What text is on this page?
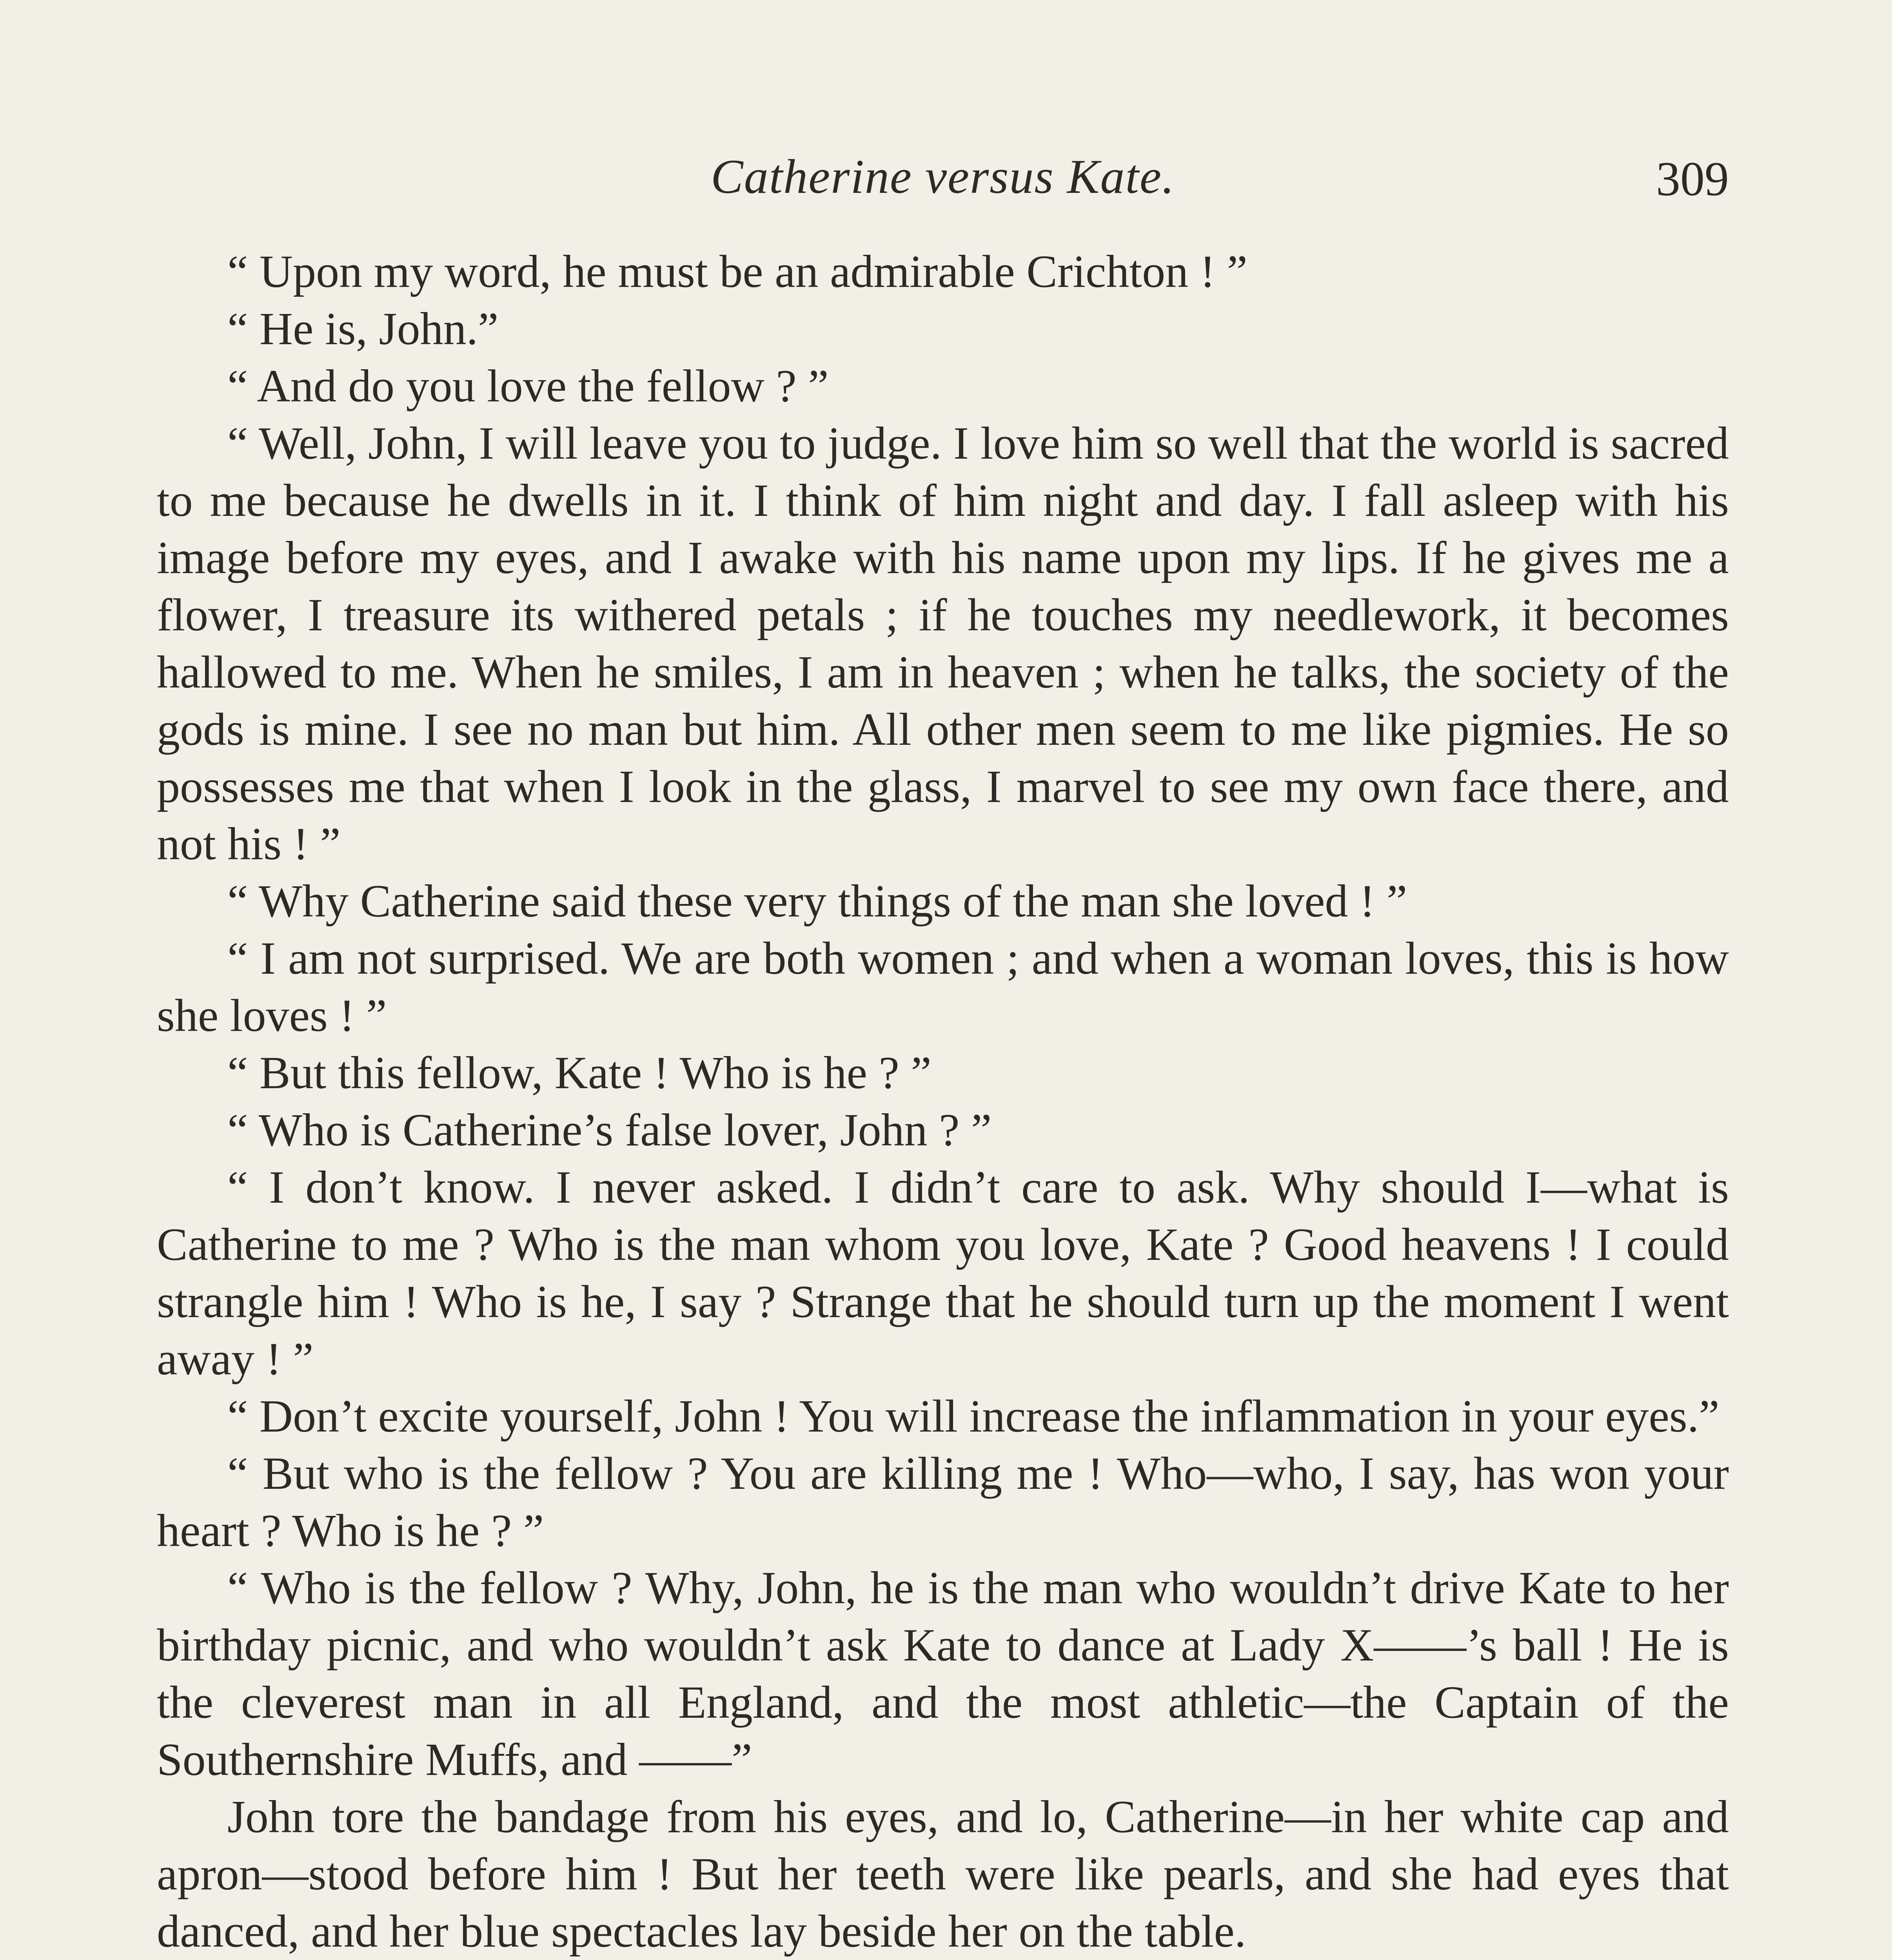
Catherine versus Kate.	309

“ Upon my word, he must be an admirable Crichton ! ”

“ He is, John.”

“ And do you love the fellow ? ”

“ Well, John, I will leave you to judge. I love him so well that the world is sacred to me because he dwells in it. I think of him night and day. I fall asleep with his image before my eyes, and I awake with his name upon my lips. If he gives me a flower, I treasure its withered petals ; if he touches my needlework, it becomes hallowed to me. When he smiles, I am in heaven ; when he talks, the society of the gods is mine. I see no man but him. All other men seem to me like pigmies. He so possesses me that when I look in the glass, I marvel to see my own face there, and not his ! ”

“ Why Catherine said these very things of the man she loved ! ”

“ I am not surprised. We are both women ; and when a woman loves, this is how she loves ! ”

“ But this fellow, Kate ! Who is he ? ”

“ Who is Catherine’s false lover, John ? ”

“ I don’t know. I never asked. I didn’t care to ask. Why should I—what is Catherine to me ? Who is the man whom you love, Kate ? Good heavens ! I could strangle him ! Who is he, I say ? Strange that he should turn up the moment I went away ! ”

“ Don’t excite yourself, John ! You will increase the inflammation in your eyes.”

“ But who is the fellow ? You are killing me ! Who—who, I say, has won your heart ? Who is he ? ”

“ Who is the fellow ? Why, John, he is the man who wouldn’t drive Kate to her birthday picnic, and who wouldn’t ask Kate to dance at Lady X——’s ball ! He is the cleverest man in all England, and the most athletic—the Captain of the Southernshire Muffs, and ——”

John tore the bandage from his eyes, and lo, Catherine—in her white cap and apron—stood before him ! But her teeth were like pearls, and she had eyes that danced, and her blue spectacles lay beside her on the table.
